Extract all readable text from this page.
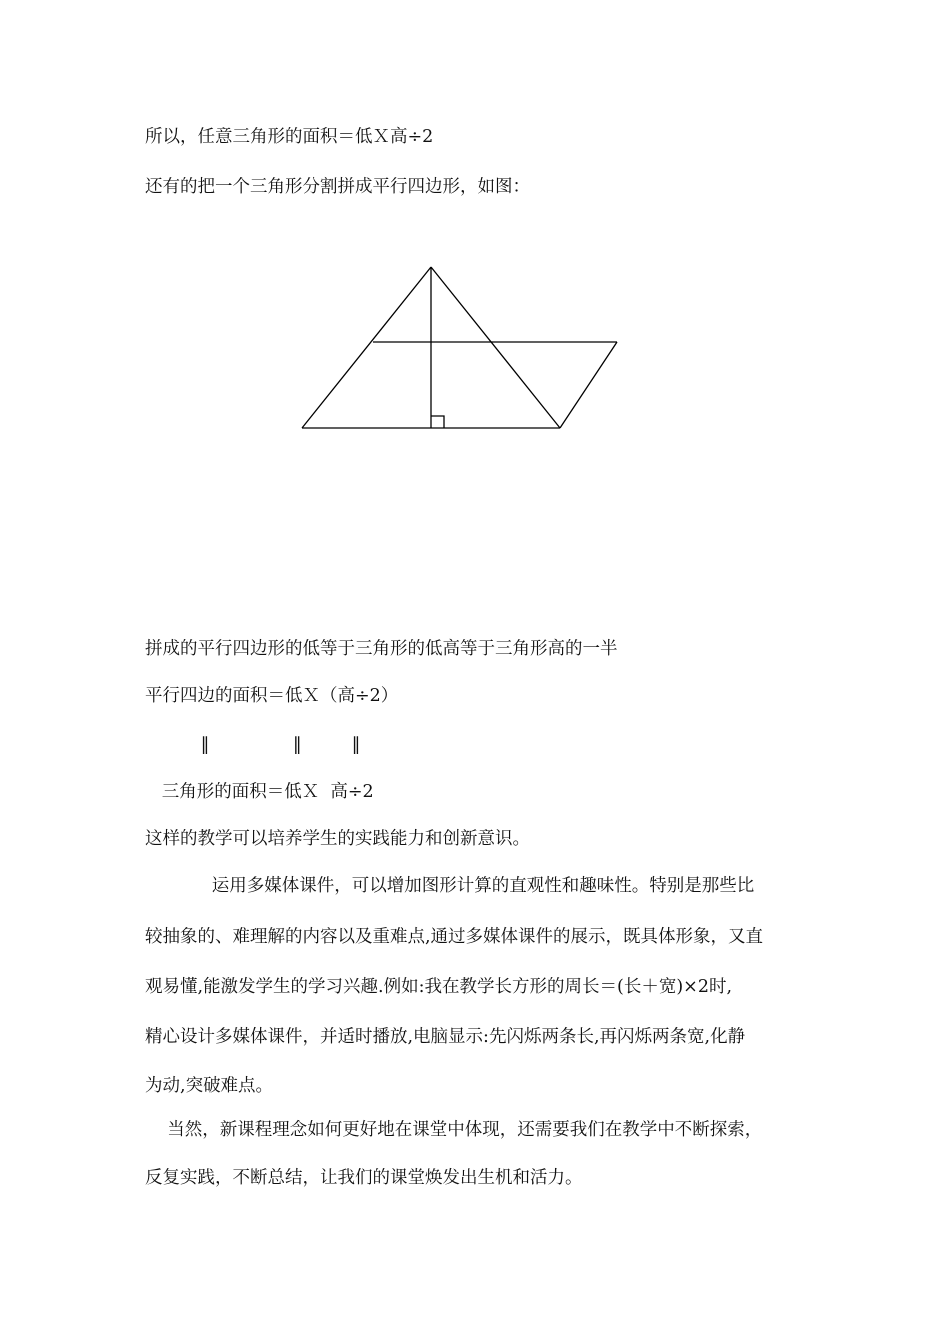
所以，任意三角形的面积＝低Ｘ高÷2

还有的把一个三角形分割拼成平行四边形，如图：

拼成的平行四边形的低等于三角形的低高等于三角形高的一半

平行四边的面积＝低Ｘ（高÷2）

‖               ‖         ‖

三角形的面积＝低Ｘ  高÷2

这样的教学可以培养学生的实践能力和创新意识。

运用多媒体课件，可以增加图形计算的直观性和趣味性。特别是那些比

较抽象的、难理解的内容以及重难点,通过多媒体课件的展示，既具体形象，又直

观易懂,能激发学生的学习兴趣.例如:我在教学长方形的周长＝(长＋宽)×2时,

精心设计多媒体课件，并适时播放,电脑显示:先闪烁两条长,再闪烁两条宽,化静

为动,突破难点。

当然，新课程理念如何更好地在课堂中体现，还需要我们在教学中不断探索，

反复实践，不断总结，让我们的课堂焕发出生机和活力。
